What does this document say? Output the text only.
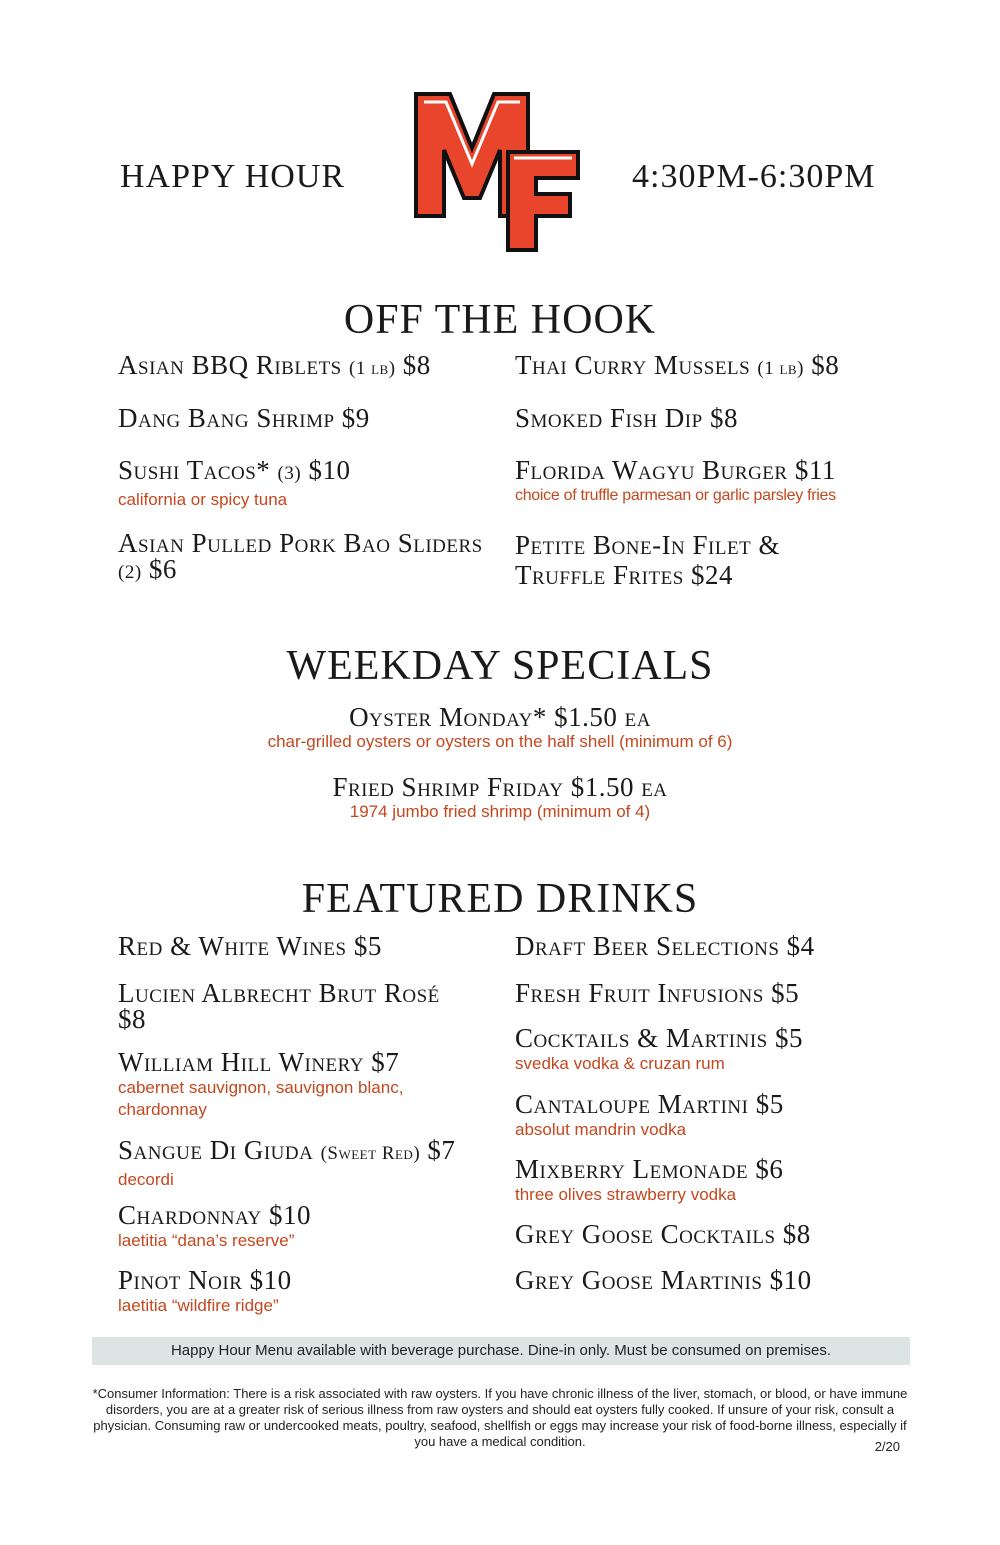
HAPPY HOUR	4:30PM-6:30PM
OFF THE HOOK
Asian BBQ Riblets (1 lb) $8
Dang Bang Shrimp $9
Sushi Tacos* (3) $10
california or spicy tuna
Asian Pulled Pork Bao Sliders (2) $6
Thai Curry Mussels (1 lb) $8
Smoked Fish Dip $8
Florida Wagyu Burger $11
choice of truffle parmesan or garlic parsley fries
Petite Bone-In Filet & Truffle Frites $24
WEEKDAY SPECIALS
Oyster Monday* $1.50 ea
char-grilled oysters or oysters on the half shell (minimum of 6)
Fried Shrimp Friday $1.50 ea
1974 jumbo fried shrimp (minimum of 4)
FEATURED DRINKS
Red & White Wines $5
Lucien Albrecht Brut Rosé $8
William Hill Winery $7
cabernet sauvignon, sauvignon blanc, chardonnay
Sangue Di Giuda (Sweet Red) $7
decordi
Chardonnay $10
laetitia “dana’s reserve”
Pinot Noir $10
laetitia “wildfire ridge”
Draft Beer Selections $4
Fresh Fruit Infusions $5
Cocktails & Martinis $5
svedka vodka & cruzan rum
Cantaloupe Martini $5
absolut mandrin vodka
Mixberry Lemonade $6
three olives strawberry vodka
Grey Goose Cocktails $8
Grey Goose Martinis $10
Happy Hour Menu available with beverage purchase. Dine-in only. Must be consumed on premises.
*Consumer Information: There is a risk associated with raw oysters. If you have chronic illness of the liver, stomach, or blood, or have immune disorders, you are at a greater risk of serious illness from raw oysters and should eat oysters fully cooked. If unsure of your risk, consult a physician. Consuming raw or undercooked meats, poultry, seafood, shellfish or eggs may increase your risk of food-borne illness, especially if you have a medical condition.	2/20
